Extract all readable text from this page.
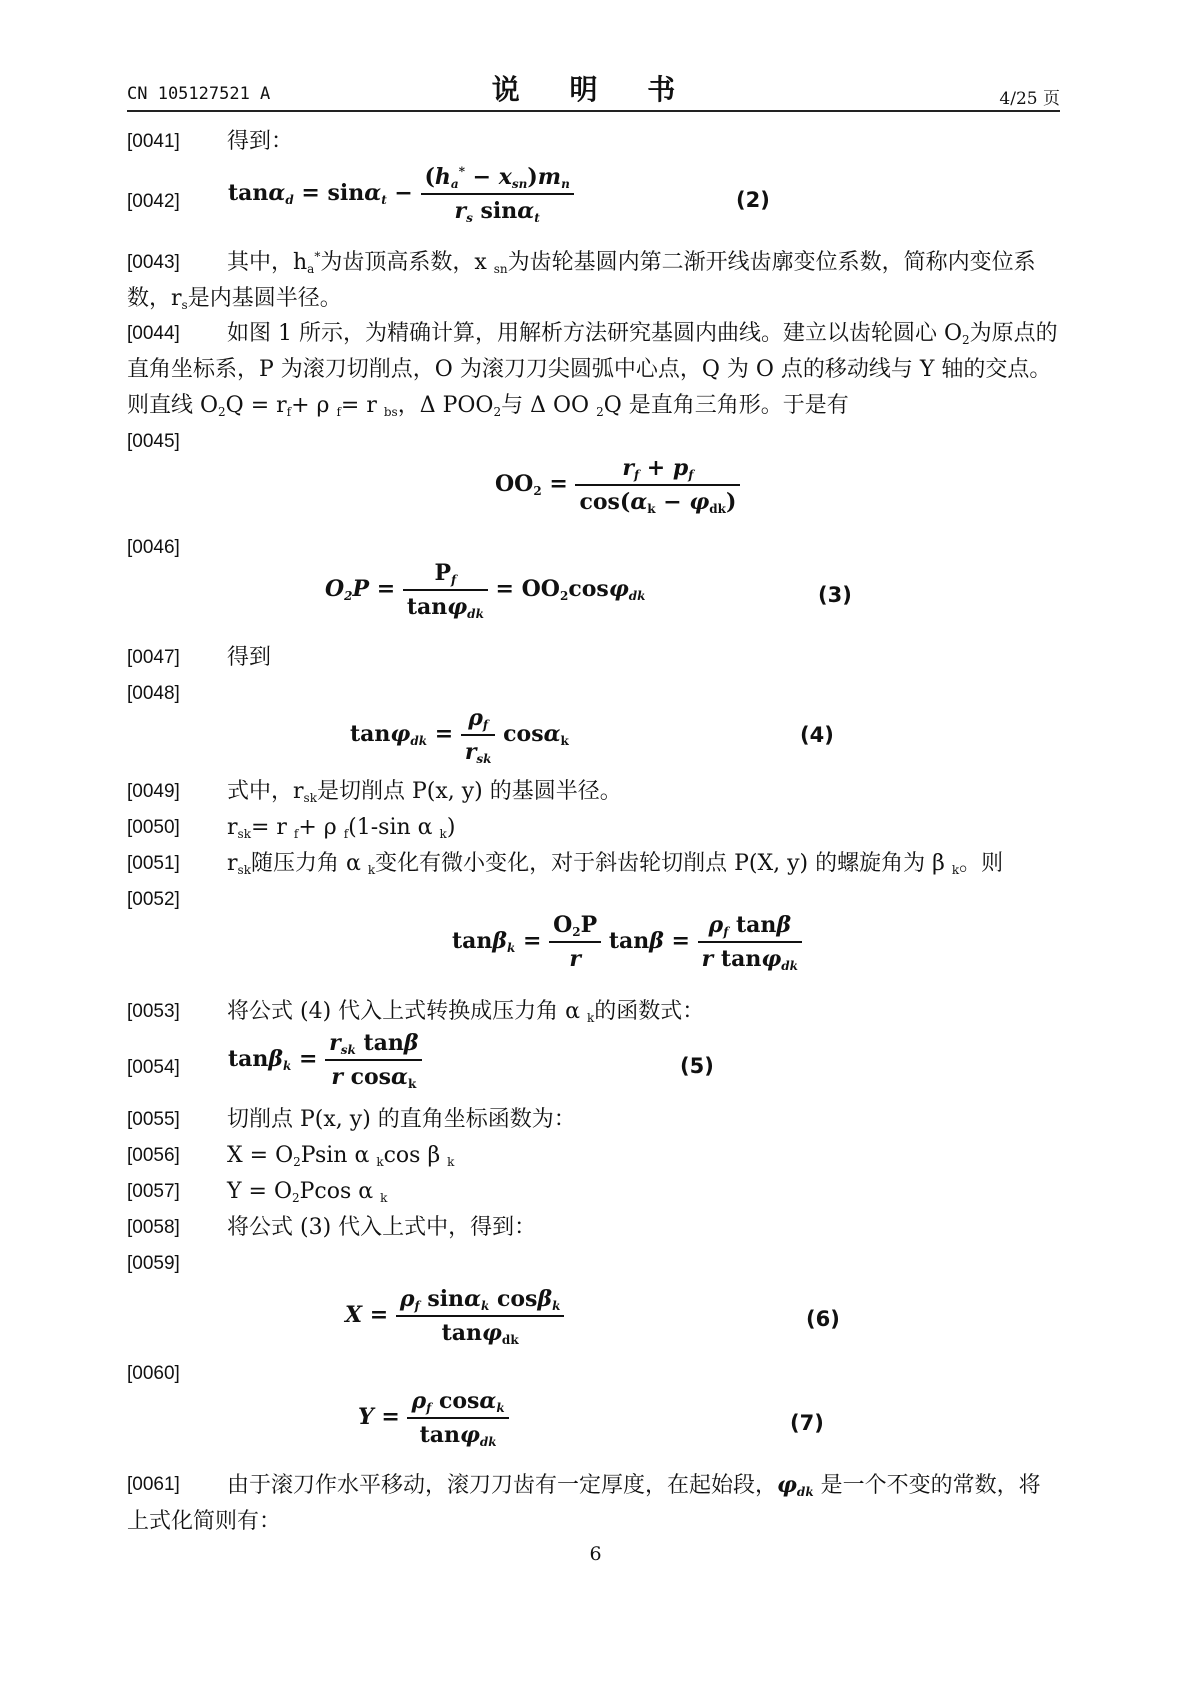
CN 105127521 A	说 明 书	4/25 页
[0041]	得到：
[0042] $\tan\alpha_d = \sin\alpha_t - \frac{(h_a^* - x_{sn})m_n}{r_s \sin\alpha_t}$	(2)
[0043]	其中，$h_a^*$为齿顶高系数，x $_{sn}$为齿轮基圆内第二渐开线齿廓变位系数，简称内变位系数，$r_s$是内基圆半径。
[0044]	如图 1 所示，为精确计算，用解析方法研究基圆内曲线。建立以齿轮圆心 $O_2$为原点的直角坐标系，P 为滚刀切削点，O 为滚刀刀尖圆弧中心点，Q 为 O 点的移动线与 Y 轴的交点。则直线 $O_2Q = r_f+ \rho$ $_f$= r $_{bs}$，Δ $POO_2$与 Δ OO $_2$Q 是直角三角形。于是有
[0045]
$OO_2 = \frac{r_f + p_f}{\cos(\alpha_k - \varphi_{dk})}$
[0046]
$O_2P = \frac{P_f}{\tan\varphi_{dk}} = OO_2\cos\varphi_{dk}$	(3)
[0047]	得到
[0048]
$\tan\varphi_{dk} = \frac{\rho_f}{r_{sk}} \cos\alpha_k$	(4)
[0049]	式中，$r_{sk}$是切削点 P(x, y) 的基圆半径。
[0050]	$r_{sk}= r$ $_f$+ ρ $_f$(1-sin α $_k$)
[0051]	$r_{sk}$随压力角 α $_k$变化有微小变化，对于斜齿轮切削点 P(X, y) 的螺旋角为 β $_k$。则
[0052]
$\tan\beta_k = \frac{O_2P}{r}$ $\tan\beta = \frac{\rho_f \tan\beta}{r \tan\varphi_{dk}}$
[0053]	将公式 (4) 代入上式转换成压力角 α $_k$的函数式：
[0054] $\tan\beta_k = \frac{r_{sk} \tan\beta}{r \cos\alpha_k}$	(5)
[0055]	切削点 P(x, y) 的直角坐标函数为：
[0056]	$X = O_2Psin$ α $_k$cos β $_k$
[0057]	$Y = O_2Pcos$ α $_k$
[0058]	将公式 (3) 代入上式中，得到：
[0059]
$X = \frac{\rho_f \sin\alpha_k \cos\beta_k}{\tan\varphi_{dk}}$	(6)
[0060]
$Y = \frac{\rho_f \cos\alpha_k}{\tan\varphi_{dk}}$	(7)
[0061]	由于滚刀作水平移动，滚刀刀齿有一定厚度，在起始段，$\varphi_{dk}$ 是一个不变的常数，将上式化简则有：
6
